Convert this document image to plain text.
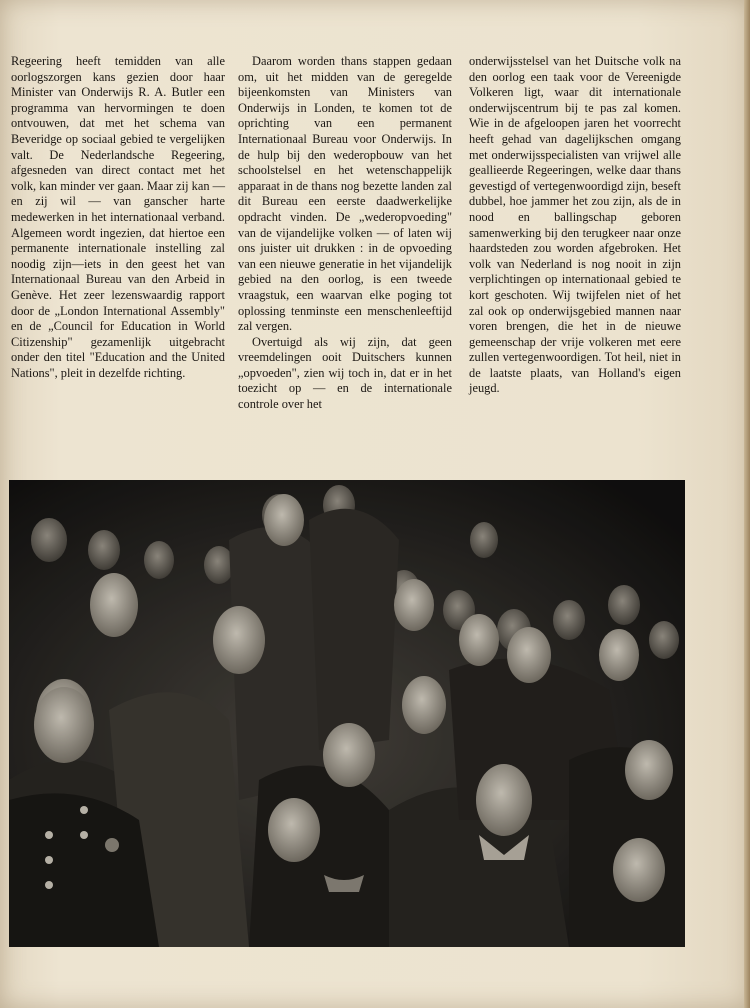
Regeering heeft temidden van alle oorlogszorgen kans gezien door haar Minister van Onderwijs R. A. Butler een programma van hervormingen te doen ontvouwen, dat met het schema van Beveridge op sociaal gebied te vergelijken valt. De Nederlandsche Regeering, afgesneden van direct contact met het volk, kan minder ver gaan. Maar zij kan — en zij wil — van ganscher harte medewerken in het internationaal verband. Algemeen wordt ingezien, dat hiertoe een permanente internationale instelling zal noodig zijn—iets in den geest het van Internationaal Bureau van den Arbeid in Genève. Het zeer lezenswaardig rapport door de „London International Assembly" en de „Council for Education in World Citizenship" gezamenlijk uitgebracht onder den titel "Education and the United Nations", pleit in dezelfde richting.

Daarom worden thans stappen gedaan om, uit het midden van de geregelde bijeenkomsten van Ministers van Onderwijs in Londen, te komen tot de oprichting van een permanent Internationaal Bureau voor Onderwijs. In de hulp bij den wederopbouw van het schoolstelsel en het wetenschappelijk apparaat in de thans nog bezette landen zal dit Bureau een eerste daadwerkelijke opdracht vinden. De „wederopvoeding" van de vijandelijke volken — of laten wij ons juister uit drukken : in de opvoeding van een nieuwe generatie in het vijandelijk gebied na den oorlog, is een tweede vraagstuk, een waarvan elke poging tot oplossing tenminste een menschenleeftijd zal vergen.

Overtuigd als wij zijn, dat geen vreemdelingen ooit Duitschers kunnen „opvoeden", zien wij toch in, dat er in het toezicht op — en de internationale controle over het

onderwijsstelsel van het Duitsche volk na den oorlog een taak voor de Vereenigde Volkeren ligt, waar dit internationale onderwijscentrum bij te pas zal komen. Wie in de afgeloopen jaren het voorrecht heeft gehad van dagelijkschen omgang met onderwijsspecialisten van vrijwel alle geallieerde Regeeringen, welke daar thans gevestigd of vertegenwoordigd zijn, beseft dubbel, hoe jammer het zou zijn, als de in nood en ballingschap geboren samenwerking bij den terugkeer naar onze haardsteden zou worden afgebroken. Het volk van Nederland is nog nooit in zijn verplichtingen op internationaal gebied te kort geschoten. Wij twijfelen niet of het zal ook op onderwijsgebied mannen naar voren brengen, die het in de nieuwe gemeenschap der vrije volkeren met eere zullen vertegenwoordigen. Tot heil, niet in de laatste plaats, van Holland's eigen jeugd.
